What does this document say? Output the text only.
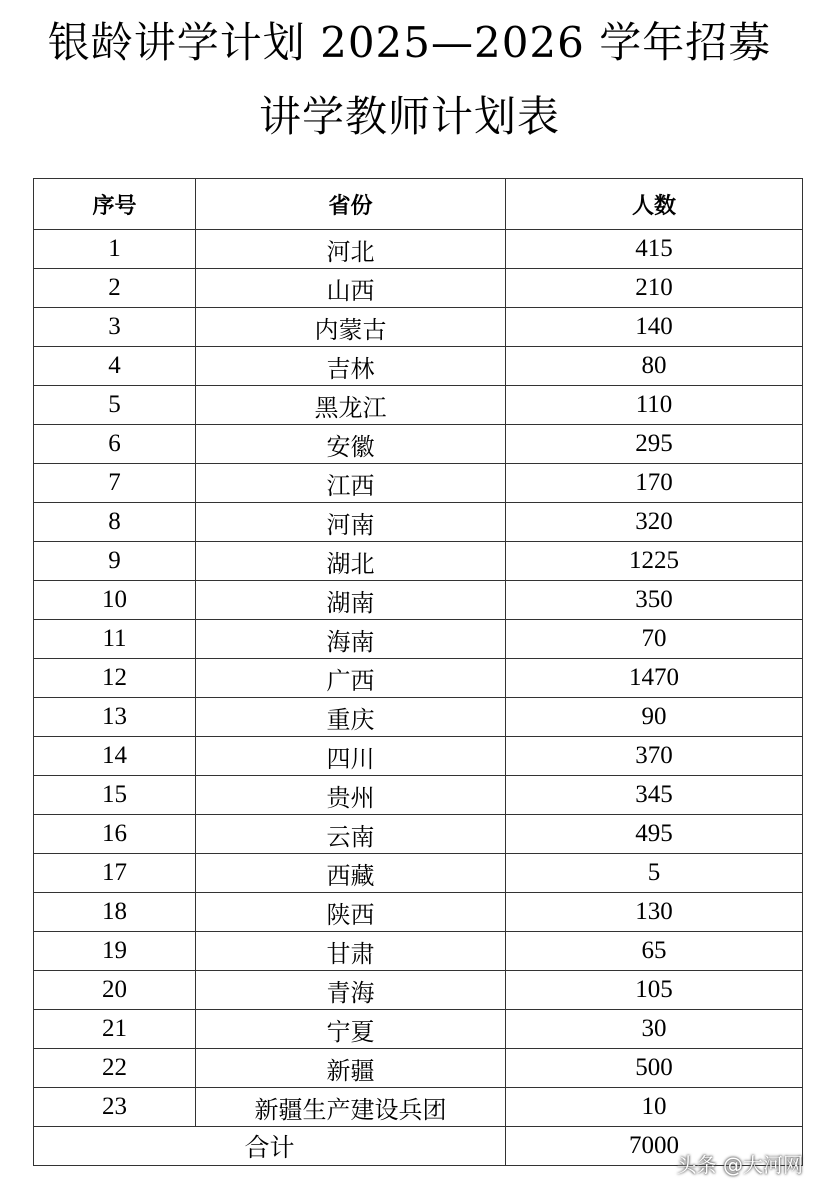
银龄讲学计划 2025—2026 学年招募
讲学教师计划表
序号	省份	人数
1	河北	415
2	山西	210
3	内蒙古	140
4	吉林	80
5	黑龙江	110
6	安徽	295
7	江西	170
8	河南	320
9	湖北	1225
10	湖南	350
11	海南	70
12	广西	1470
13	重庆	90
14	四川	370
15	贵州	345
16	云南	495
17	西藏	5
18	陕西	130
19	甘肃	65
20	青海	105
21	宁夏	30
22	新疆	500
23	新疆生产建设兵团	10
合计		7000
头条 @大河网
